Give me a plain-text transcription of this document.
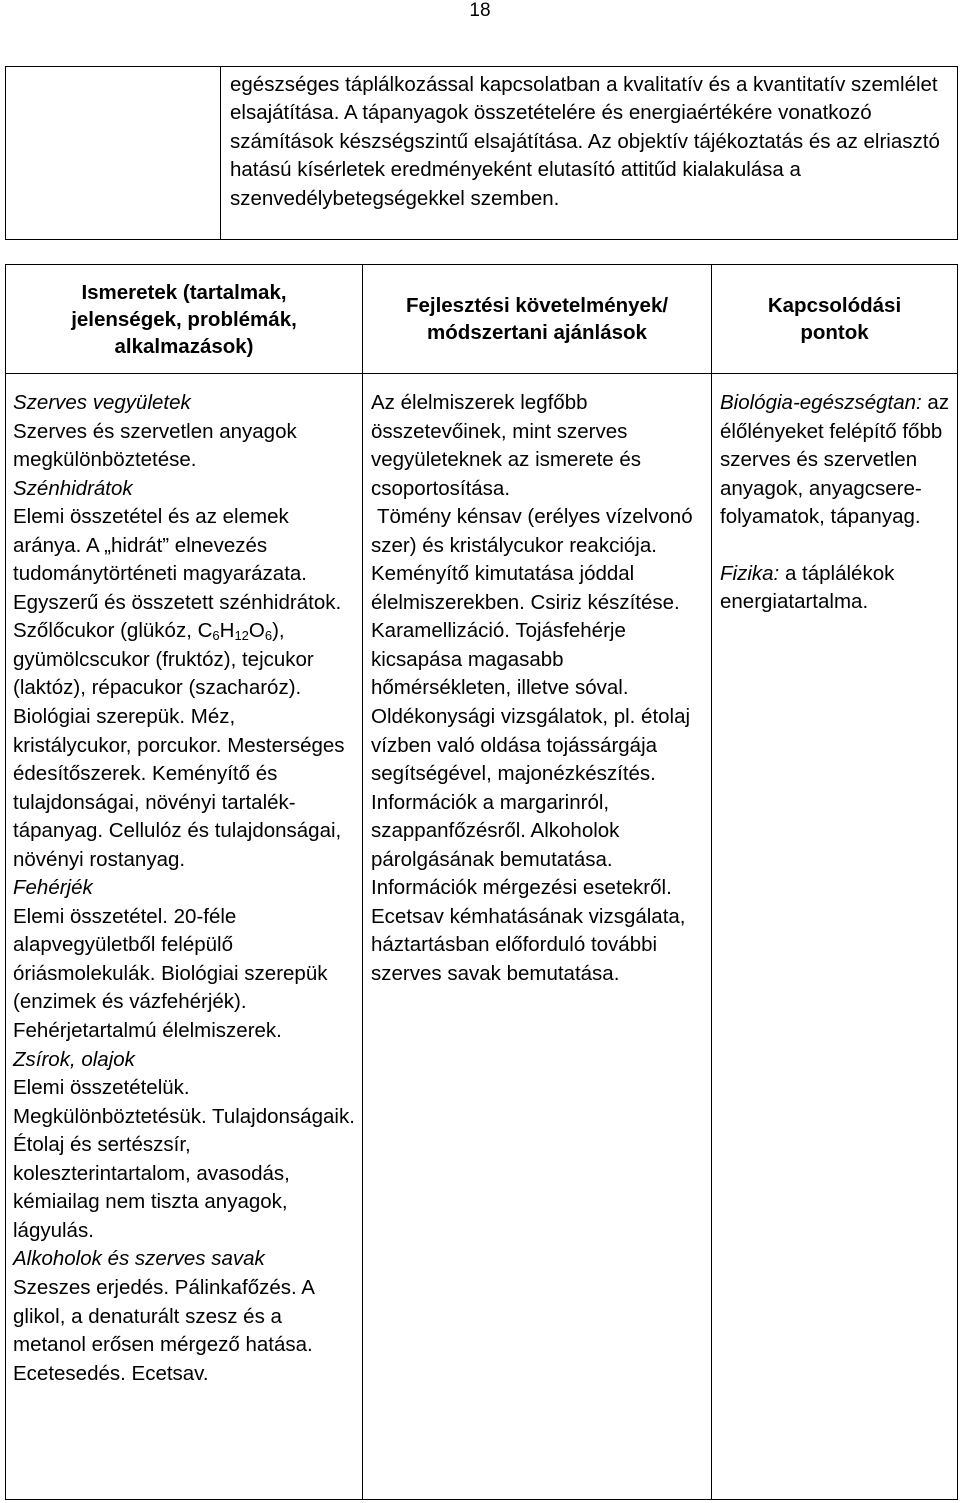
18
egészséges táplálkozással kapcsolatban a kvalitatív és a kvantitatív szemlélet elsajátítása. A tápanyagok összetételére és energiaértékére vonatkozó számítások készségszintű elsajátítása. Az objektív tájékoztatás és az elriasztó hatású kísérletek eredményeként elutasító attitűd kialakulása a szenvedélybetegségekkel szemben.
Ismeretek (tartalmak, jelenségek, problémák, alkalmazások)
Fejlesztési követelmények/ módszertani ajánlások
Kapcsolódási pontok

Szerves vegyületek

Szerves és szervetlen anyagok megkülönböztetése.

Szénhidrátok

Elemi összetétel és az elemek aránya. A „hidrát” elnevezés tudománytörténeti magyarázata. Egyszerű és összetett szénhidrátok.

Szőlőcukor (glükóz, $C_6H_{12}O_6$), gyümölcscukor (fruktóz), tejcukor (laktóz), répacukor (szacharóz). Biológiai szerepük. Méz, kristálycukor, porcukor. Mesterséges édesítőszerek. Keményítő és tulajdonságai, növényi tartalék-tápanyag. Cellulóz és tulajdonságai, növényi rostanyag.

Fehérjék

Elemi összetétel. 20-féle alapvegyületből felépülő óriásmolekulák. Biológiai szerepük (enzimek és vázfehérjék). Fehérjetartalmú élelmiszerek.

Zsírok, olajok

Elemi összetételük. Megkülönböztetésük. Tulajdonságaik. Étolaj és sertészsír, koleszterintartalom, avasodás, kémiailag nem tiszta anyagok, lágyulás.

Alkoholok és szerves savak

Szeszes erjedés. Pálinkafőzés. A glikol, a denaturált szesz és a metanol erősen mérgező hatása. Ecetesedés. Ecetsav.

Az élelmiszerek legfőbb összetevőinek, mint szerves vegyületeknek az ismerete és csoportosítása.

Tömény kénsav (erélyes vízelvonó szer) és kristálycukor reakciója. Keményítő kimutatása jóddal élelmiszerekben. Csiriz készítése. Karamellizáció. Tojásfehérje kicsapása magasabb hőmérsékleten, illetve sóval. Oldékonysági vizsgálatok, pl. étolaj vízben való oldása tojássárgája segítségével, majonézkészítés. Információk a margarinról, szappanfőzésről. Alkoholok párolgásának bemutatása. Információk mérgezési esetekről. Ecetsav kémhatásának vizsgálata, háztartásban előforduló további szerves savak bemutatása.

Biológia-egészségtan: az élőlényeket felépítő főbb szerves és szervetlen anyagok, anyagcsere-folyamatok, tápanyag.

Fizika: a táplálékok energiatartalma.
